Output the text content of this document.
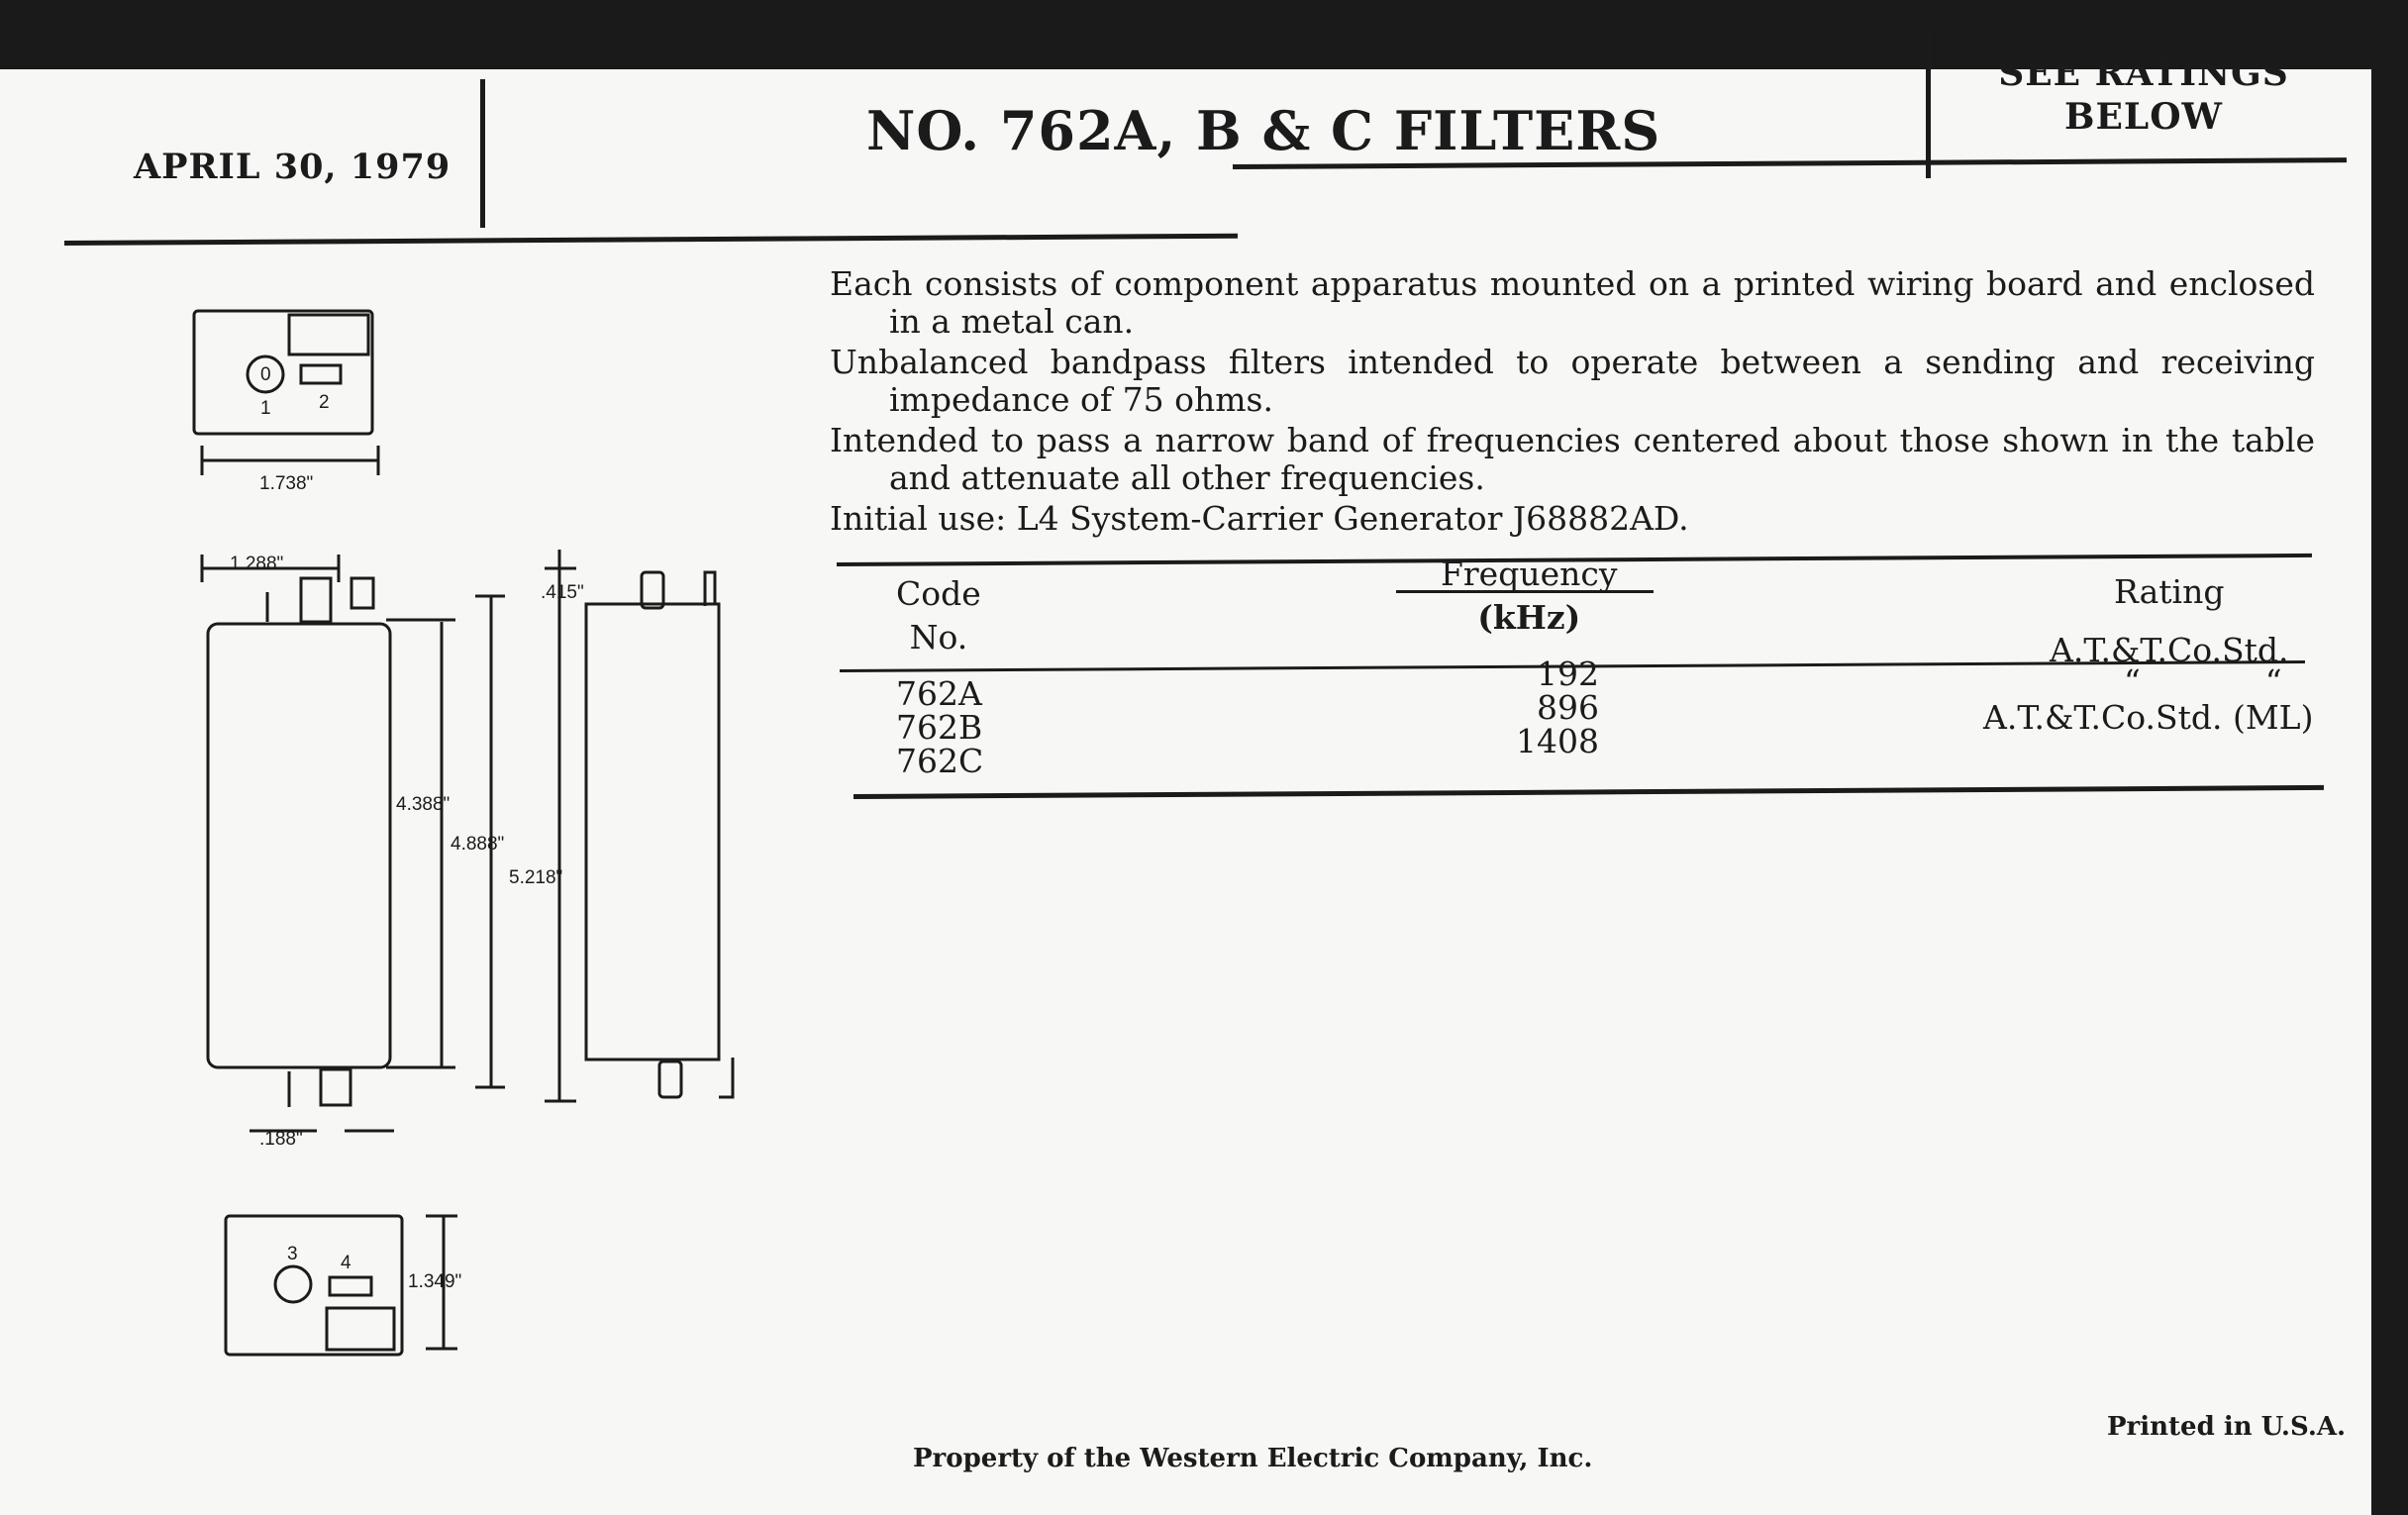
APRIL 30, 1979
NO. 762A, B & C FILTERS
SEE RATINGS
BELOW

Each consists of component apparatus mounted on a printed wiring board and enclosed in a metal can.

Unbalanced bandpass filters intended to operate between a sending and receiving impedance of 75 ohms.

Intended to pass a narrow band of frequencies centered about those shown in the table and attenuate all other frequencies.

Initial use: L4 System-Carrier Generator J68882AD.

Code
No.
Frequency
(kHz)
Rating
762A
762B
762C
192
896
1408
A.T.&T.Co.Std.
“            “
A.T.&T.Co.Std. (ML)
1	2
0
1.738"
1.288"
4.388"
4.888"
5.218"
.415"
.188"
1.349"
3 4
Property of the Western Electric Company, Inc.
Printed in U.S.A.
